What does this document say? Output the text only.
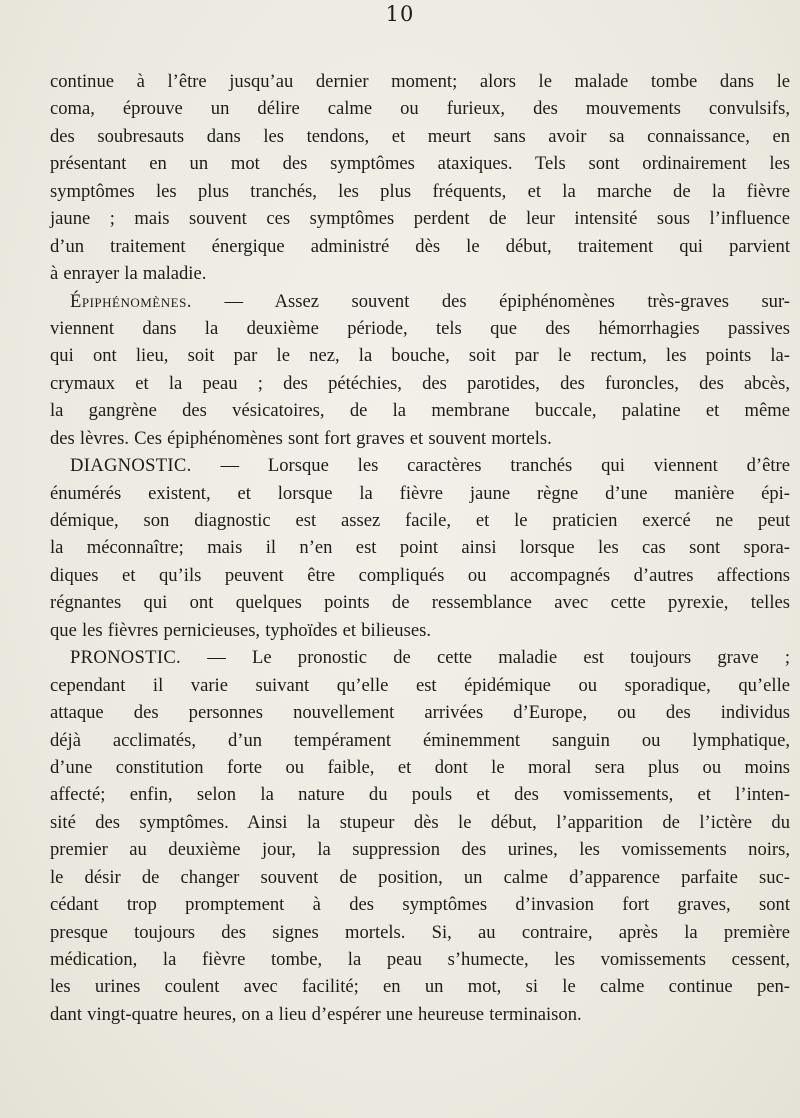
10
continue à l’être jusqu’au dernier moment; alors le malade tombe dans le
coma, éprouve un délire calme ou furieux, des mouvements convulsifs,
des soubresauts dans les tendons, et meurt sans avoir sa connaissance, en
présentant en un mot des symptômes ataxiques. Tels sont ordinairement les
symptômes les plus tranchés, les plus fréquents, et la marche de la fièvre
jaune ; mais souvent ces symptômes perdent de leur intensité sous l’influence
d’un traitement énergique administré dès le début, traitement qui parvient
à enrayer la maladie.
Épiphénomènes. — Assez souvent des épiphénomènes très-graves sur-
viennent dans la deuxième période, tels que des hémorrhagies passives
qui ont lieu, soit par le nez, la bouche, soit par le rectum, les points la-
crymaux et la peau ; des pétéchies, des parotides, des furoncles, des abcès,
la gangrène des vésicatoires, de la membrane buccale, palatine et même
des lèvres. Ces épiphénomènes sont fort graves et souvent mortels.
DIAGNOSTIC. — Lorsque les caractères tranchés qui viennent d’être
énumérés existent, et lorsque la fièvre jaune règne d’une manière épi-
démique, son diagnostic est assez facile, et le praticien exercé ne peut
la méconnaître; mais il n’en est point ainsi lorsque les cas sont spora-
diques et qu’ils peuvent être compliqués ou accompagnés d’autres affections
régnantes qui ont quelques points de ressemblance avec cette pyrexie, telles
que les fièvres pernicieuses, typhoïdes et bilieuses.
PRONOSTIC. — Le pronostic de cette maladie est toujours grave ;
cependant il varie suivant qu’elle est épidémique ou sporadique, qu’elle
attaque des personnes nouvellement arrivées d’Europe, ou des individus
déjà acclimatés, d’un tempérament éminemment sanguin ou lymphatique,
d’une constitution forte ou faible, et dont le moral sera plus ou moins
affecté; enfin, selon la nature du pouls et des vomissements, et l’inten-
sité des symptômes. Ainsi la stupeur dès le début, l’apparition de l’ictère du
premier au deuxième jour, la suppression des urines, les vomissements noirs,
le désir de changer souvent de position, un calme d’apparence parfaite suc-
cédant trop promptement à des symptômes d’invasion fort graves, sont
presque toujours des signes mortels. Si, au contraire, après la première
médication, la fièvre tombe, la peau s’humecte, les vomissements cessent,
les urines coulent avec facilité; en un mot, si le calme continue pen-
dant vingt-quatre heures, on a lieu d’espérer une heureuse terminaison.
